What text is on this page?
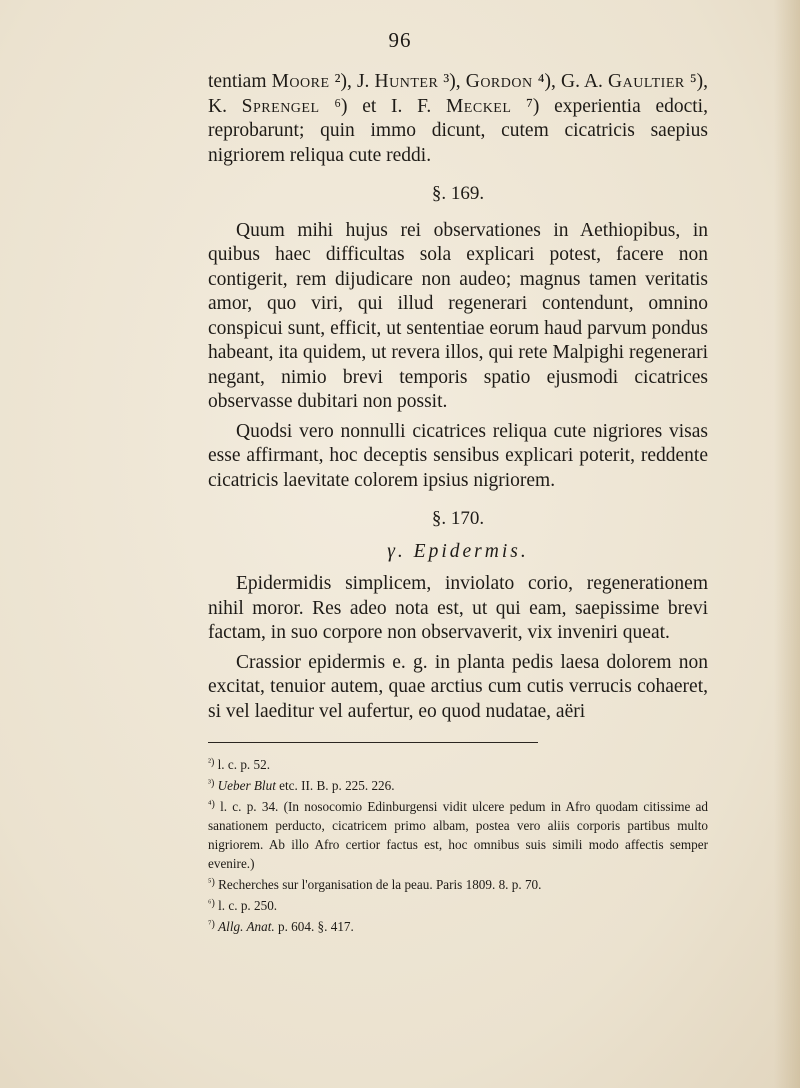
96

tentiam Moore ²), J. Hunter ³), Gordon ⁴), G. A. Gaultier ⁵), K. Sprengel ⁶) et I. F. Meckel ⁷) experientia edocti, reprobarunt; quin immo dicunt, cutem cicatricis saepius nigriorem reliqua cute reddi.

§. 169.

Quum mihi hujus rei observationes in Aethiopibus, in quibus haec difficultas sola explicari potest, facere non contigerit, rem dijudicare non audeo; magnus tamen veritatis amor, quo viri, qui illud regenerari contendunt, omnino conspicui sunt, efficit, ut sententiae eorum haud parvum pondus habeant, ita quidem, ut revera illos, qui rete Malpighi regenerari negant, nimio brevi temporis spatio ejusmodi cicatrices observasse dubitari non possit.

Quodsi vero nonnulli cicatrices reliqua cute nigriores visas esse affirmant, hoc deceptis sensibus explicari poterit, reddente cicatricis laevitate colorem ipsius nigriorem.

§. 170.
γ. Epidermis.

Epidermidis simplicem, inviolato corio, regenerationem nihil moror. Res adeo nota est, ut qui eam, saepissime brevi factam, in suo corpore non observaverit, vix inveniri queat.

Crassior epidermis e. g. in planta pedis laesa dolorem non excitat, tenuior autem, quae arctius cum cutis verrucis cohaeret, si vel laeditur vel aufertur, eo quod nudatae, aëri

$^{^2)}$ l. c. p. 52.

$^{^3)}$ Ueber Blut etc. II. B. p. 225. 226.

$^{^4)}$ l. c. p. 34. (In nosocomio Edinburgensi vidit ulcere pedum in Afro quodam citissime ad sanationem perducto, cicatricem primo albam, postea vero aliis corporis partibus multo nigriorem. Ab illo Afro certior factus est, hoc omnibus suis simili modo affectis semper evenire.)

$^{^5)}$ Recherches sur l'organisation de la peau. Paris 1809. 8. p. 70.

$^{^6)}$ l. c. p. 250.

$^{^7)}$ Allg. Anat. p. 604. §. 417.
